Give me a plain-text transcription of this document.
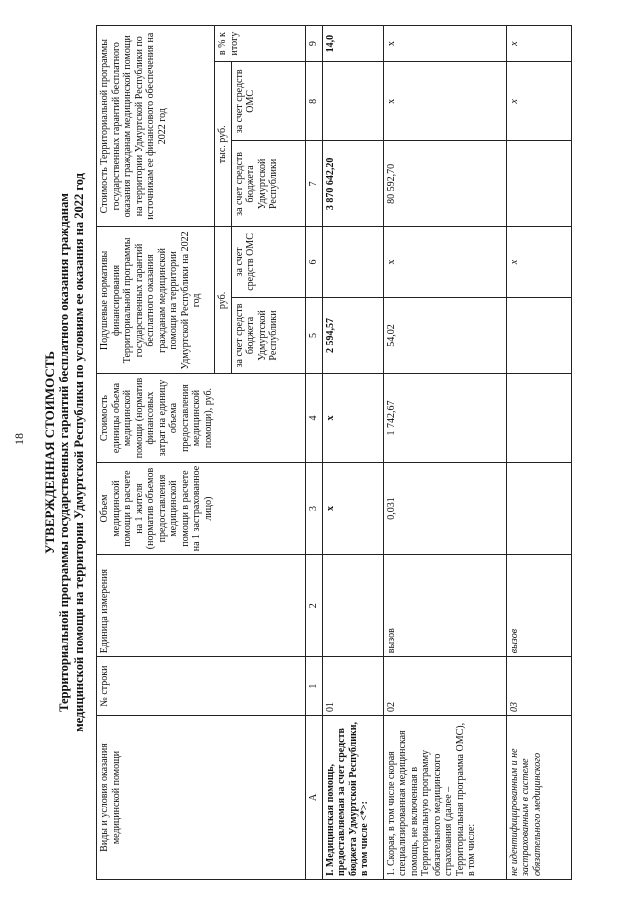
18 УТВЕРЖДЕННАЯ СТОИМОСТЬ Территориальной программы государственных гарантий бесплатного оказания гражданам медицинской помощи на территории Удмуртской Республики по условиям ее оказания на 2022 год
Виды и условия оказания медицинской помощи	№ строки	Единица измерения	Объем медицинской помощи в расчете на 1 жителя (норматив объемов предоставления медицинской помощи в расчете на 1 застрахованное лицо)	Стоимость единицы объема медицинской помощи (норматив финансовых затрат на единицу объема предоставления медицинской помощи), руб.	Подушевые нормативы финансирования Территориальной программы государственных гарантий бесплатного оказания гражданам медицинской помощи на территории Удмуртской Республики на 2022 год		Стоимость Территориальной программы государственных гарантий бесплатного оказания гражданам медицинской помощи на территории Удмуртской Республики по источникам ее финансового обеспечения на 2022 год		
					руб.		тыс. руб.		в % к итогу
					за счет средств бюджета Удмуртской Республики	за счет средств ОМС	за счет средств бюджета Удмуртской Республики	за счет средств ОМС	
A	1	2	3	4	5	6	7	8	9
I. Медицинская помощь, предоставляемая за счет средств бюджета Удмуртской Республики, в том числе <*>:	01		x	x	2 594,57		3 870 642,20		14,0
1. Скорая, в том числе скорая специализированная медицинская помощь, не включенная в Территориальную программу обязательного медицинского страхования (далее – Территориальная программа ОМС), в том числе:	02	вызов	0,031	1 742,67	54,02	x	80 592,70	x	x
не идентифицированным и не застрахованным в системе обязательного медицинского	03	вызов				x		x	x
